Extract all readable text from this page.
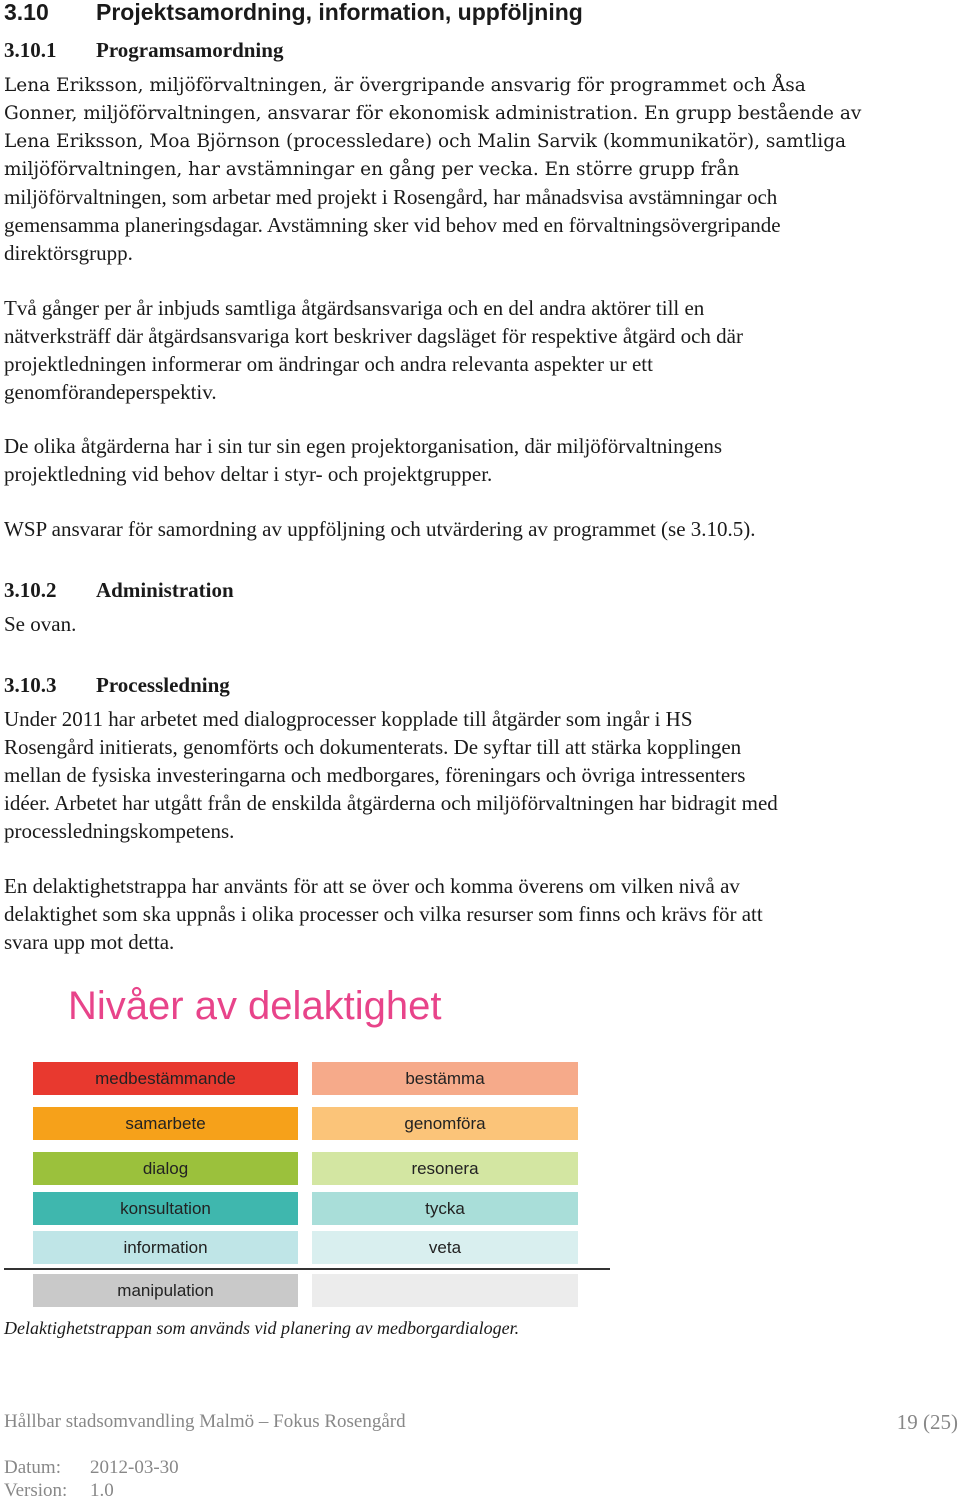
3.10 Projektsamordning, information, uppföljning
3.10.1 Programsamordning
Lena Eriksson, miljöförvaltningen, är övergripande ansvarig för programmet och Åsa
Gonner, miljöförvaltningen, ansvarar för ekonomisk administration. En grupp bestående av
Lena Eriksson, Moa Björnson (processledare) och Malin Sarvik (kommunikatör), samtliga
miljöförvaltningen, har avstämningar en gång per vecka. En större grupp från
miljöförvaltningen, som arbetar med projekt i Rosengård, har månadsvisa avstämningar och
gemensamma planeringsdagar. Avstämning sker vid behov med en förvaltningsövergripande
direktörsgrupp.
Två gånger per år inbjuds samtliga åtgärdsansvariga och en del andra aktörer till en
nätverksträff där åtgärdsansvariga kort beskriver dagsläget för respektive åtgärd och där
projektledningen informerar om ändringar och andra relevanta aspekter ur ett
genomförandeperspektiv.
De olika åtgärderna har i sin tur sin egen projektorganisation, där miljöförvaltningens
projektledning vid behov deltar i styr- och projektgrupper.
WSP ansvarar för samordning av uppföljning och utvärdering av programmet (se 3.10.5).
3.10.2 Administration
Se ovan.
3.10.3 Processledning
Under 2011 har arbetet med dialogprocesser kopplade till åtgärder som ingår i HS
Rosengård initierats, genomförts och dokumenterats. De syftar till att stärka kopplingen
mellan de fysiska investeringarna och medborgares, föreningars och övriga intressenters
idéer. Arbetet har utgått från de enskilda åtgärderna och miljöförvaltningen har bidragit med
processledningskompetens.
En delaktighetstrappa har använts för att se över och komma överens om vilken nivå av
delaktighet som ska uppnås i olika processer och vilka resurser som finns och krävs för att
svara upp mot detta.
Nivåer av delaktighet
medbestämmande	bestämma
samarbete	genomföra
dialog	resonera
konsultation	tycka
information	veta
manipulation
Delaktighetstrappan som används vid planering av medborgardialoger.
Hållbar stadsomvandling Malmö – Fokus Rosengård	19 (25)
Datum: 2012-03-30
Version: 1.0
